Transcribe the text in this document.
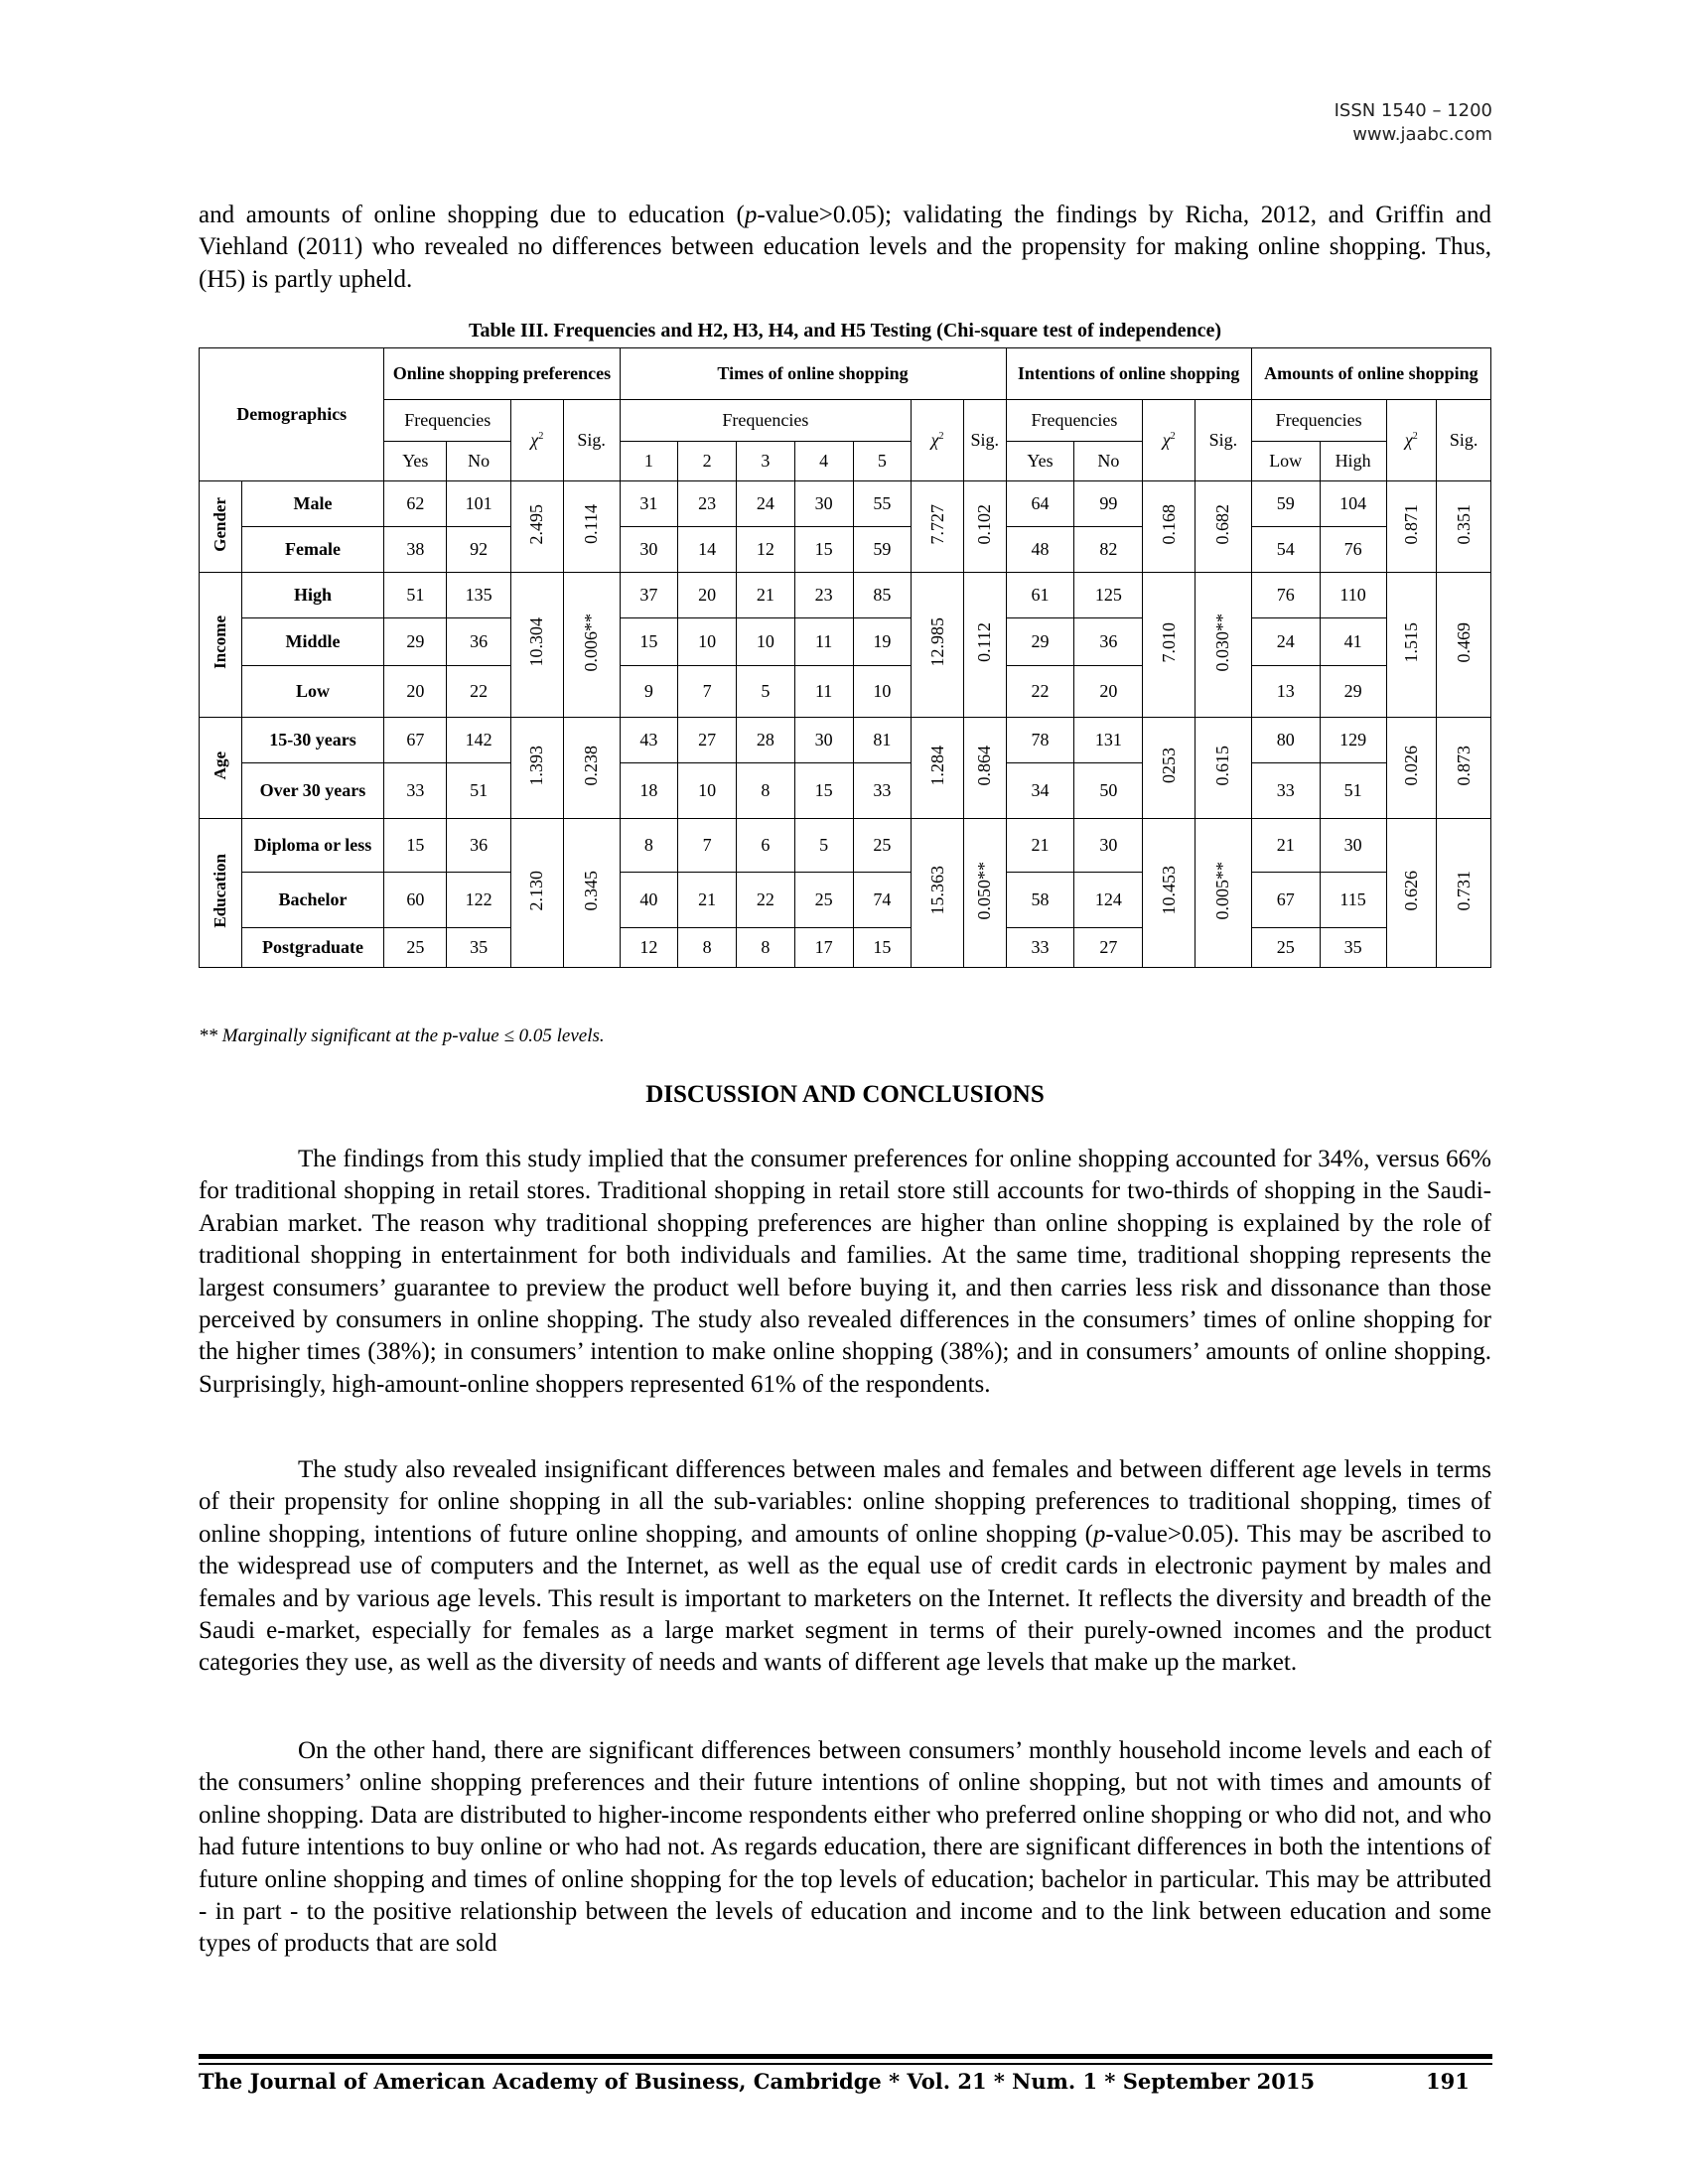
ISSN 1540 – 1200
www.jaabc.com

and amounts of online shopping due to education (p-value>0.05); validating the findings by Richa, 2012, and Griffin and Viehland (2011) who revealed no differences between education levels and the propensity for making online shopping. Thus, (H5) is partly upheld.

Table III. Frequencies and H2, H3, H4, and H5 Testing (Chi-square test of independence)
Demographics		Online shopping preferences				Times of online shopping							Intentions of online shopping				Amounts of online shopping			
		Frequencies		$\chi^2$	Sig.	Frequencies					$\chi^2$	Sig.	Frequencies		$\chi^2$	Sig.	Frequencies		$\chi^2$	Sig.
		Yes	No			1	2	3	4	5			Yes	No			Low	High		
Gender	Male	62	101	2.495	0.114	31	23	24	30	55	7.727	0.102	64	99	0.168	0.682	59	104	0.871	0.351
	Female	38	92			30	14	12	15	59			48	82			54	76		
Income	High	51	135	10.304	0.006**	37	20	21	23	85	12.985	0.112	61	125	7.010	0.030**	76	110	1.515	0.469
	Middle	29	36			15	10	10	11	19			29	36			24	41		
	Low	20	22			9	7	5	11	10			22	20			13	29		
Age	15-30 years	67	142	1.393	0.238	43	27	28	30	81	1.284	0.864	78	131	0253	0.615	80	129	0.026	0.873
	Over 30 years	33	51			18	10	8	15	33			34	50			33	51		
Education	Diploma or less	15	36	2.130	0.345	8	7	6	5	25	15.363	0.050**	21	30	10.453	0.005**	21	30	0.626	0.731
	Bachelor	60	122			40	21	22	25	74			58	124			67	115		
	Postgraduate	25	35			12	8	8	17	15			33	27			25	35		
** Marginally significant at the p-value ≤ 0.05 levels.
DISCUSSION AND CONCLUSIONS

The findings from this study implied that the consumer preferences for online shopping accounted for 34%, versus 66% for traditional shopping in retail stores. Traditional shopping in retail store still accounts for two-thirds of shopping in the Saudi-Arabian market. The reason why traditional shopping preferences are higher than online shopping is explained by the role of traditional shopping in entertainment for both individuals and families. At the same time, traditional shopping represents the largest consumers’ guarantee to preview the product well before buying it, and then carries less risk and dissonance than those perceived by consumers in online shopping. The study also revealed differences in the consumers’ times of online shopping for the higher times (38%); in consumers’ intention to make online shopping (38%); and in consumers’ amounts of online shopping. Surprisingly, high-amount-online shoppers represented 61% of the respondents.

The study also revealed insignificant differences between males and females and between different age levels in terms of their propensity for online shopping in all the sub-variables: online shopping preferences to traditional shopping, times of online shopping, intentions of future online shopping, and amounts of online shopping (p-value>0.05). This may be ascribed to the widespread use of computers and the Internet, as well as the equal use of credit cards in electronic payment by males and females and by various age levels. This result is important to marketers on the Internet. It reflects the diversity and breadth of the Saudi e-market, especially for females as a large market segment in terms of their purely-owned incomes and the product categories they use, as well as the diversity of needs and wants of different age levels that make up the market.

On the other hand, there are significant differences between consumers’ monthly household income levels and each of the consumers’ online shopping preferences and their future intentions of online shopping, but not with times and amounts of online shopping. Data are distributed to higher-income respondents either who preferred online shopping or who did not, and who had future intentions to buy online or who had not. As regards education, there are significant differences in both the intentions of future online shopping and times of online shopping for the top levels of education; bachelor in particular. This may be attributed - in part - to the positive relationship between the levels of education and income and to the link between education and some types of products that are sold

The Journal of American Academy of Business, Cambridge * Vol. 21 * Num. 1 * September 2015	191
